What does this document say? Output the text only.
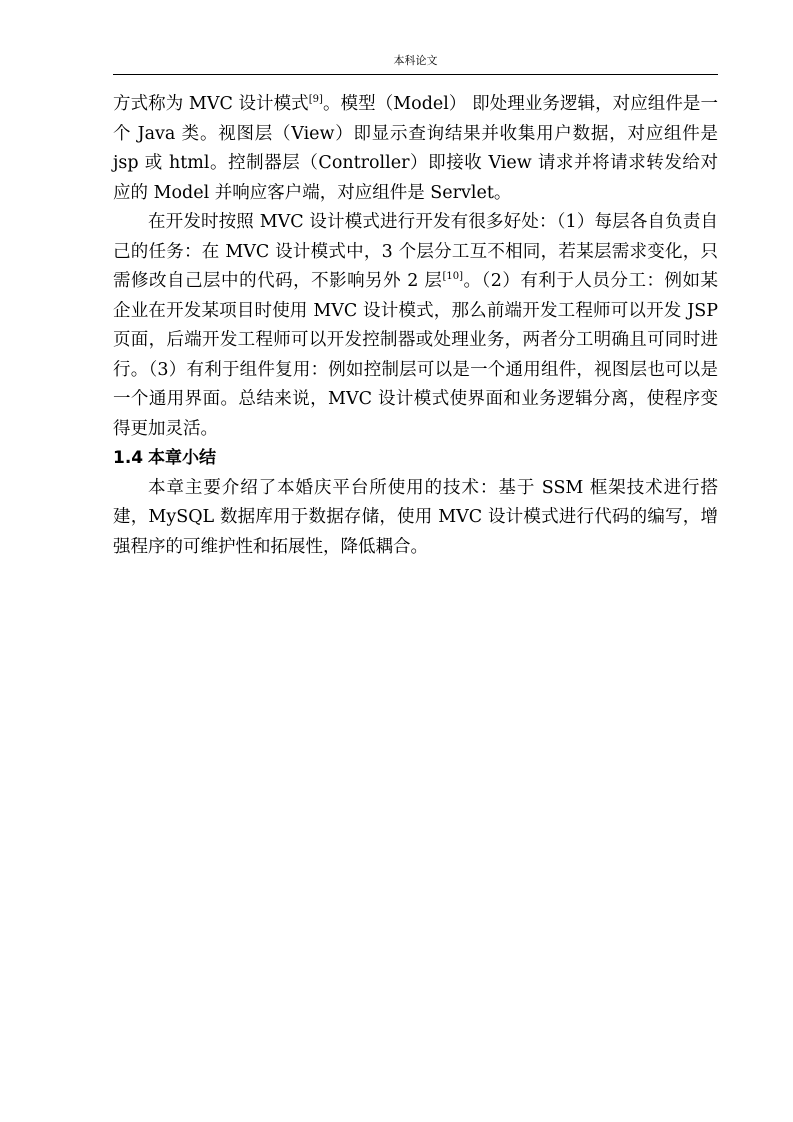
本科论文

方式称为 MVC 设计模式[9]。模型（Model） 即处理业务逻辑，对应组件是一个 Java 类。视图层（View）即显示查询结果并收集用户数据，对应组件是 jsp 或 html。控制器层（Controller）即接收 View 请求并将请求转发给对应的 Model 并响应客户端，对应组件是 Servlet。

在开发时按照 MVC 设计模式进行开发有很多好处：（1）每层各自负责自己的任务：在 MVC 设计模式中，3 个层分工互不相同，若某层需求变化，只需修改自己层中的代码，不影响另外 2 层[10]。（2）有利于人员分工：例如某企业在开发某项目时使用 MVC 设计模式，那么前端开发工程师可以开发 JSP 页面，后端开发工程师可以开发控制器或处理业务，两者分工明确且可同时进行。（3）有利于组件复用：例如控制层可以是一个通用组件，视图层也可以是一个通用界面。总结来说，MVC 设计模式使界面和业务逻辑分离，使程序变得更加灵活。

1.4 本章小结

本章主要介绍了本婚庆平台所使用的技术：基于 SSM 框架技术进行搭建，MySQL 数据库用于数据存储，使用 MVC 设计模式进行代码的编写，增强程序的可维护性和拓展性，降低耦合。
